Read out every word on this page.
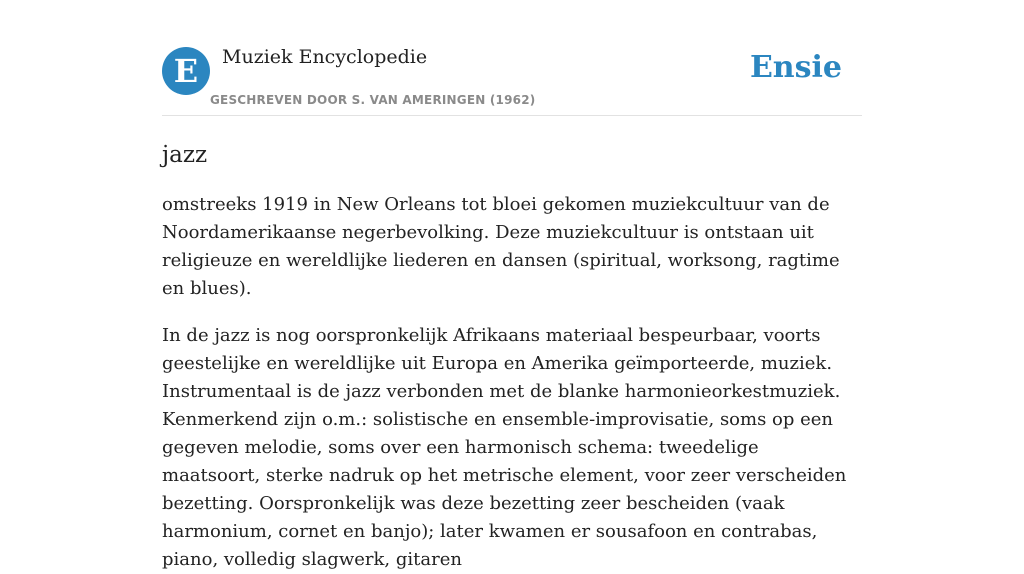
E	Muziek Encyclopedie
GESCHREVEN DOOR S. VAN AMERINGEN (1962)
Ensie
jazz

omstreeks 1919 in New Orleans tot bloei gekomen muziekcultuur van de Noordamerikaanse negerbevolking. Deze muziekcultuur is ontstaan uit religieuze en wereldlijke liederen en dansen (spiritual, worksong, ragtime en blues).

In de jazz is nog oorspronkelijk Afrikaans materiaal bespeurbaar, voorts geestelijke en wereldlijke uit Europa en Amerika geïmporteerde, muziek. Instrumentaal is de jazz verbonden met de blanke harmonieorkestmuziek. Kenmerkend zijn o.m.: solistische en ensemble-improvisatie, soms op een gegeven melodie, soms over een harmonisch schema: tweedelige maatsoort, sterke nadruk op het metrische element, voor zeer verscheiden bezetting. Oorspronkelijk was deze bezetting zeer bescheiden (vaak harmonium, cornet en banjo); later kwamen er sousafoon en contrabas, piano, volledig slagwerk, gitaren
